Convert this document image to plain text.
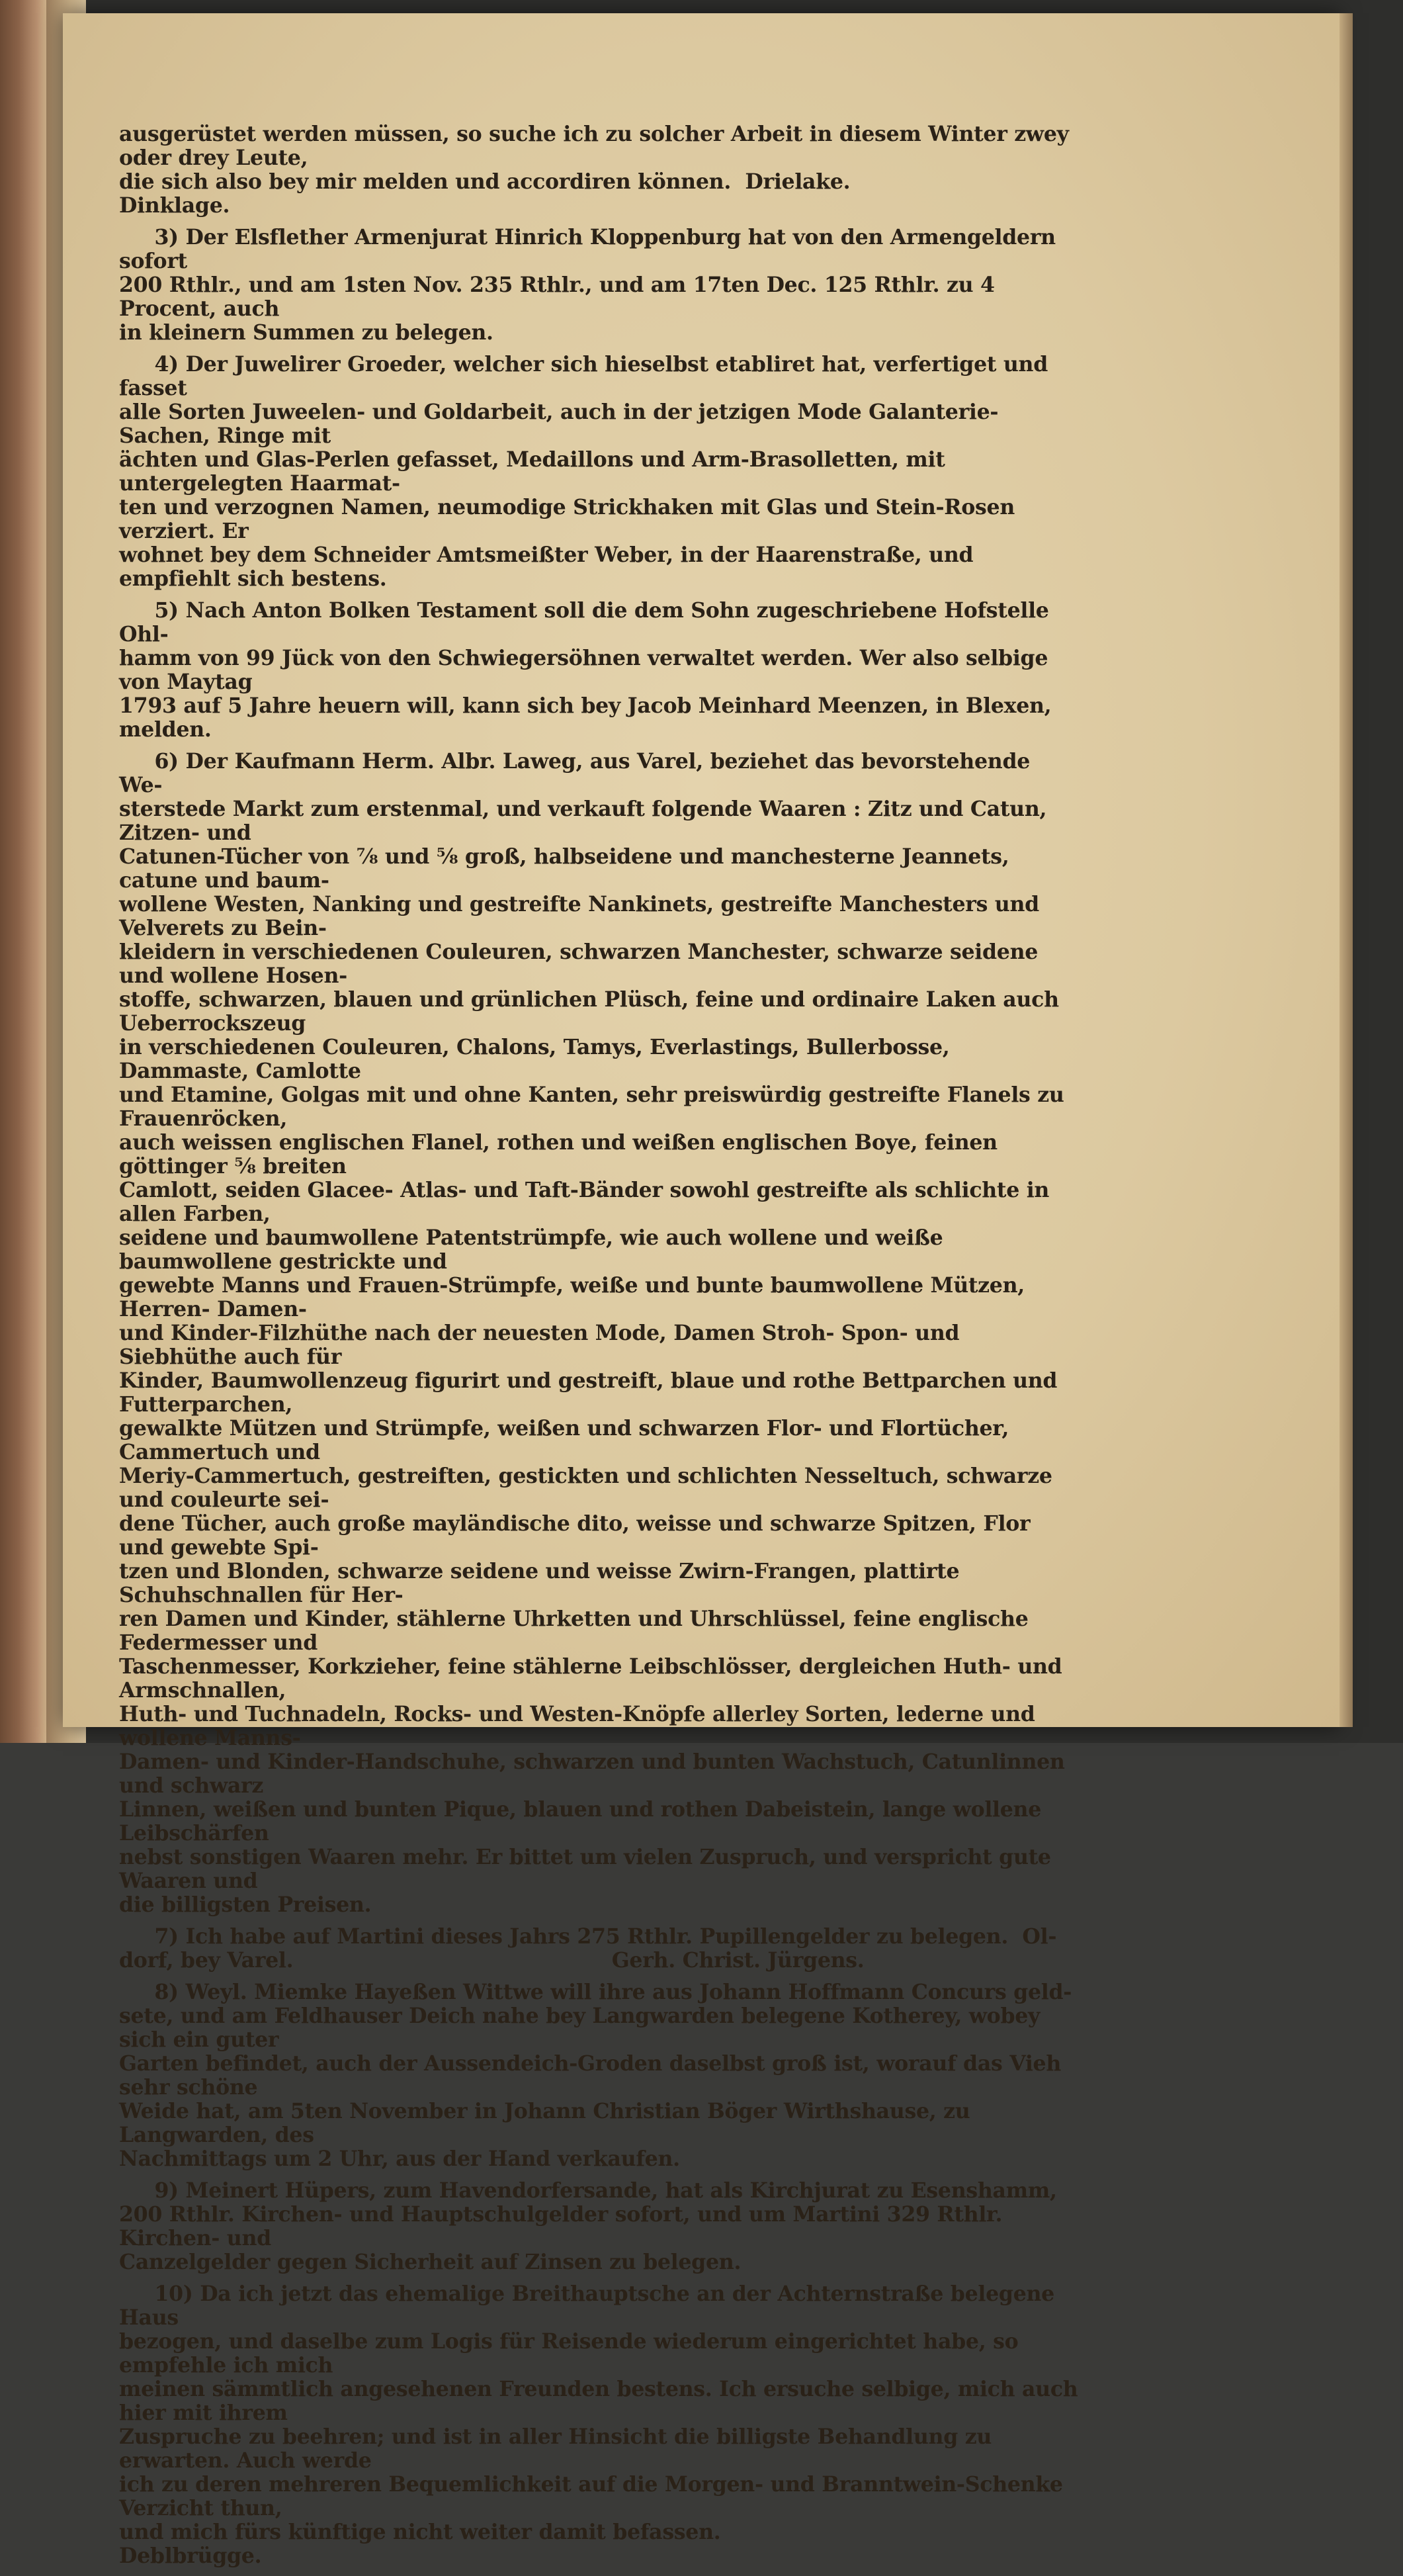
ausgerüstet werden müssen, so suche ich zu solcher Arbeit in diesem Winter zwey oder drey Leute,
die sich also bey mir melden und accordiren können.  Drielake.                                  Dinklage.

3) Der Elsflether Armenjurat Hinrich Kloppenburg hat von den Armengeldern sofort
200 Rthlr., und am 1sten Nov. 235 Rthlr., und am 17ten Dec. 125 Rthlr. zu 4 Procent, auch
in kleinern Summen zu belegen.

4) Der Juwelirer Groeder, welcher sich hieselbst etabliret hat, verfertiget und fasset
alle Sorten Juweelen- und Goldarbeit, auch in der jetzigen Mode Galanterie-Sachen, Ringe mit
ächten und Glas-Perlen gefasset, Medaillons und Arm-Brasolletten, mit untergelegten Haarmat-
ten und verzognen Namen, neumodige Strickhaken mit Glas und Stein-Rosen verziert. Er
wohnet bey dem Schneider Amtsmeißter Weber, in der Haarenstraße, und empfiehlt sich bestens.

5) Nach Anton Bolken Testament soll die dem Sohn zugeschriebene Hofstelle Ohl-
hamm von 99 Jück von den Schwiegersöhnen verwaltet werden. Wer also selbige von Maytag
1793 auf 5 Jahre heuern will, kann sich bey Jacob Meinhard Meenzen, in Blexen, melden.

6) Der Kaufmann Herm. Albr. Laweg, aus Varel, beziehet das bevorstehende We-
sterstede Markt zum erstenmal, und verkauft folgende Waaren : Zitz und Catun, Zitzen- und
Catunen-Tücher von ⅞ und ⅝ groß, halbseidene und manchesterne Jeannets, catune und baum-
wollene Westen, Nanking und gestreifte Nankinets, gestreifte Manchesters und Velverets zu Bein-
kleidern in verschiedenen Couleuren, schwarzen Manchester, schwarze seidene und wollene Hosen-
stoffe, schwarzen, blauen und grünlichen Plüsch, feine und ordinaire Laken auch Ueberrockszeug
in verschiedenen Couleuren, Chalons, Tamys, Everlastings, Bullerbosse, Dammaste, Camlotte
und Etamine, Golgas mit und ohne Kanten, sehr preiswürdig gestreifte Flanels zu Frauenröcken,
auch weissen englischen Flanel, rothen und weißen englischen Boye, feinen göttinger ⅝ breiten
Camlott, seiden Glacee- Atlas- und Taft-Bänder sowohl gestreifte als schlichte in allen Farben,
seidene und baumwollene Patentstrümpfe, wie auch wollene und weiße baumwollene gestrickte und
gewebte Manns und Frauen-Strümpfe, weiße und bunte baumwollene Mützen, Herren- Damen-
und Kinder-Filzhüthe nach der neuesten Mode, Damen Stroh- Spon- und Siebhüthe auch für
Kinder, Baumwollenzeug figurirt und gestreift, blaue und rothe Bettparchen und Futterparchen,
gewalkte Mützen und Strümpfe, weißen und schwarzen Flor- und Flortücher, Cammertuch und
Meriy-Cammertuch, gestreiften, gestickten und schlichten Nesseltuch, schwarze und couleurte sei-
dene Tücher, auch große mayländische dito, weisse und schwarze Spitzen, Flor und gewebte Spi-
tzen und Blonden, schwarze seidene und weisse Zwirn-Frangen, plattirte Schuhschnallen für Her-
ren Damen und Kinder, stählerne Uhrketten und Uhrschlüssel, feine englische Federmesser und
Taschenmesser, Korkzieher, feine stählerne Leibschlösser, dergleichen Huth- und Armschnallen,
Huth- und Tuchnadeln, Rocks- und Westen-Knöpfe allerley Sorten, lederne und wollene Manns-
Damen- und Kinder-Handschuhe, schwarzen und bunten Wachstuch, Catunlinnen und schwarz
Linnen, weißen und bunten Pique, blauen und rothen Dabeistein, lange wollene Leibschärfen
nebst sonstigen Waaren mehr. Er bittet um vielen Zuspruch, und verspricht gute Waaren und
die billigsten Preisen.

7) Ich habe auf Martini dieses Jahrs 275 Rthlr. Pupillengelder zu belegen.  Ol-
dorf, bey Varel.                                             Gerh. Christ. Jürgens.

8) Weyl. Miemke Hayeßen Wittwe will ihre aus Johann Hoffmann Concurs geld-
sete, und am Feldhauser Deich nahe bey Langwarden belegene Kotherey, wobey sich ein guter
Garten befindet, auch der Aussendeich-Groden daselbst groß ist, worauf das Vieh sehr schöne
Weide hat, am 5ten November in Johann Christian Böger Wirthshause, zu Langwarden, des
Nachmittags um 2 Uhr, aus der Hand verkaufen.

9) Meinert Hüpers, zum Havendorfersande, hat als Kirchjurat zu Esenshamm,
200 Rthlr. Kirchen- und Hauptschulgelder sofort, und um Martini 329 Rthlr. Kirchen- und
Canzelgelder gegen Sicherheit auf Zinsen zu belegen.

10) Da ich jetzt das ehemalige Breithauptsche an der Achternstraße belegene Haus
bezogen, und daselbe zum Logis für Reisende wiederum eingerichtet habe, so empfehle ich mich
meinen sämmtlich angesehenen Freunden bestens. Ich ersuche selbige, mich auch hier mit ihrem
Zuspruche zu beehren; und ist in aller Hinsicht die billigste Behandlung zu erwarten. Auch werde
ich zu deren mehreren Bequemlichkeit auf die Morgen- und Branntwein-Schenke Verzicht thun,
und mich fürs künftige nicht weiter damit befassen.                                  Deblbrügge.
